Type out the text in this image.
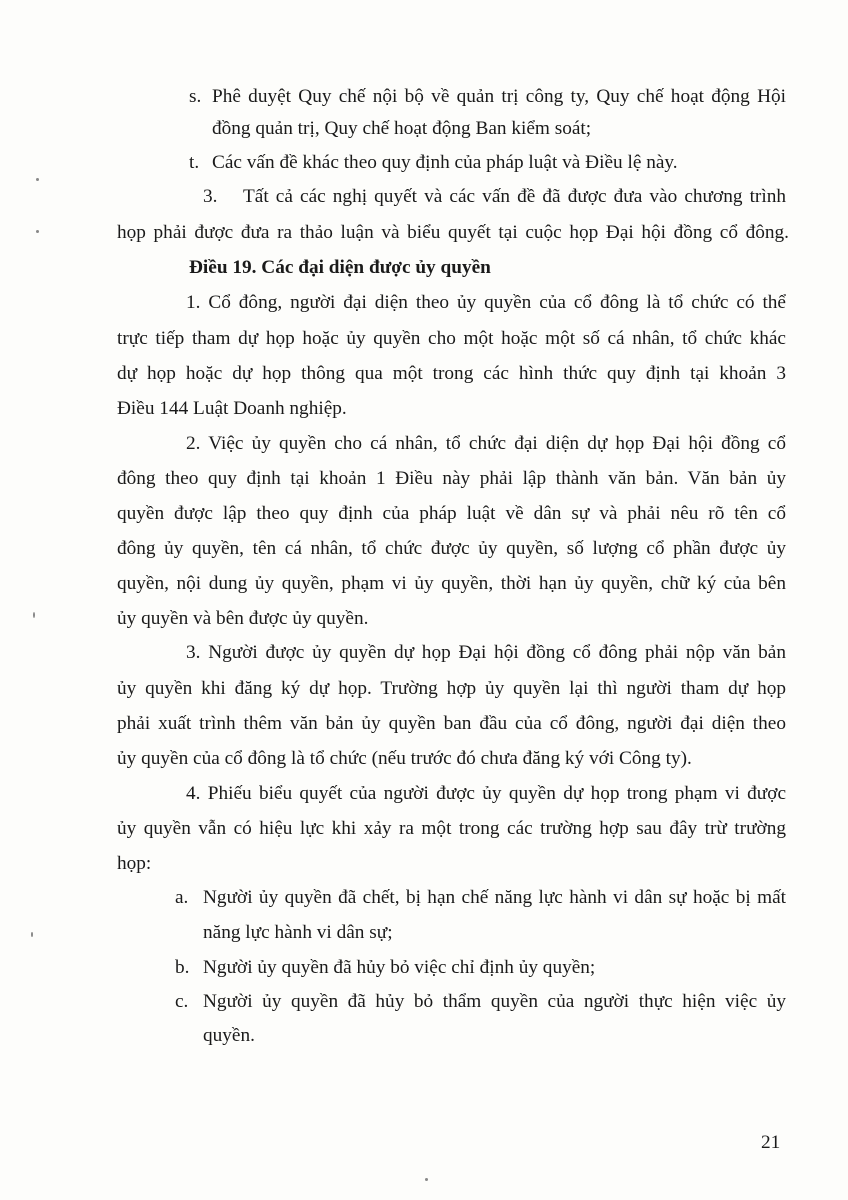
s. Phê duyệt Quy chế nội bộ về quản trị công ty, Quy chế hoạt động Hội
đồng quản trị, Quy chế hoạt động Ban kiểm soát;
t. Các vấn đề khác theo quy định của pháp luật và Điều lệ này.
3. Tất cả các nghị quyết và các vấn đề đã được đưa vào chương trình
họp phải được đưa ra thảo luận và biểu quyết tại cuộc họp Đại hội đồng cổ đông.
Điều 19. Các đại diện được ủy quyền
1. Cổ đông, người đại diện theo ủy quyền của cổ đông là tổ chức có thể
trực tiếp tham dự họp hoặc ủy quyền cho một hoặc một số cá nhân, tổ chức khác
dự họp hoặc dự họp thông qua một trong các hình thức quy định tại khoản 3
Điều 144 Luật Doanh nghiệp.
2. Việc ủy quyền cho cá nhân, tổ chức đại diện dự họp Đại hội đồng cổ
đông theo quy định tại khoản 1 Điều này phải lập thành văn bản. Văn bản ủy
quyền được lập theo quy định của pháp luật về dân sự và phải nêu rõ tên cổ
đông ủy quyền, tên cá nhân, tổ chức được ủy quyền, số lượng cổ phần được ủy
quyền, nội dung ủy quyền, phạm vi ủy quyền, thời hạn ủy quyền, chữ ký của bên
ủy quyền và bên được ủy quyền.
3. Người được ủy quyền dự họp Đại hội đồng cổ đông phải nộp văn bản
ủy quyền khi đăng ký dự họp. Trường hợp ủy quyền lại thì người tham dự họp
phải xuất trình thêm văn bản ủy quyền ban đầu của cổ đông, người đại diện theo
ủy quyền của cổ đông là tổ chức (nếu trước đó chưa đăng ký với Công ty).
4. Phiếu biểu quyết của người được ủy quyền dự họp trong phạm vi được
ủy quyền vẫn có hiệu lực khi xảy ra một trong các trường hợp sau đây trừ trường
họp:
a. Người ủy quyền đã chết, bị hạn chế năng lực hành vi dân sự hoặc bị mất
năng lực hành vi dân sự;
b. Người ủy quyền đã hủy bỏ việc chỉ định ủy quyền;
c. Người ủy quyền đã hủy bỏ thẩm quyền của người thực hiện việc ủy
quyền.
21
